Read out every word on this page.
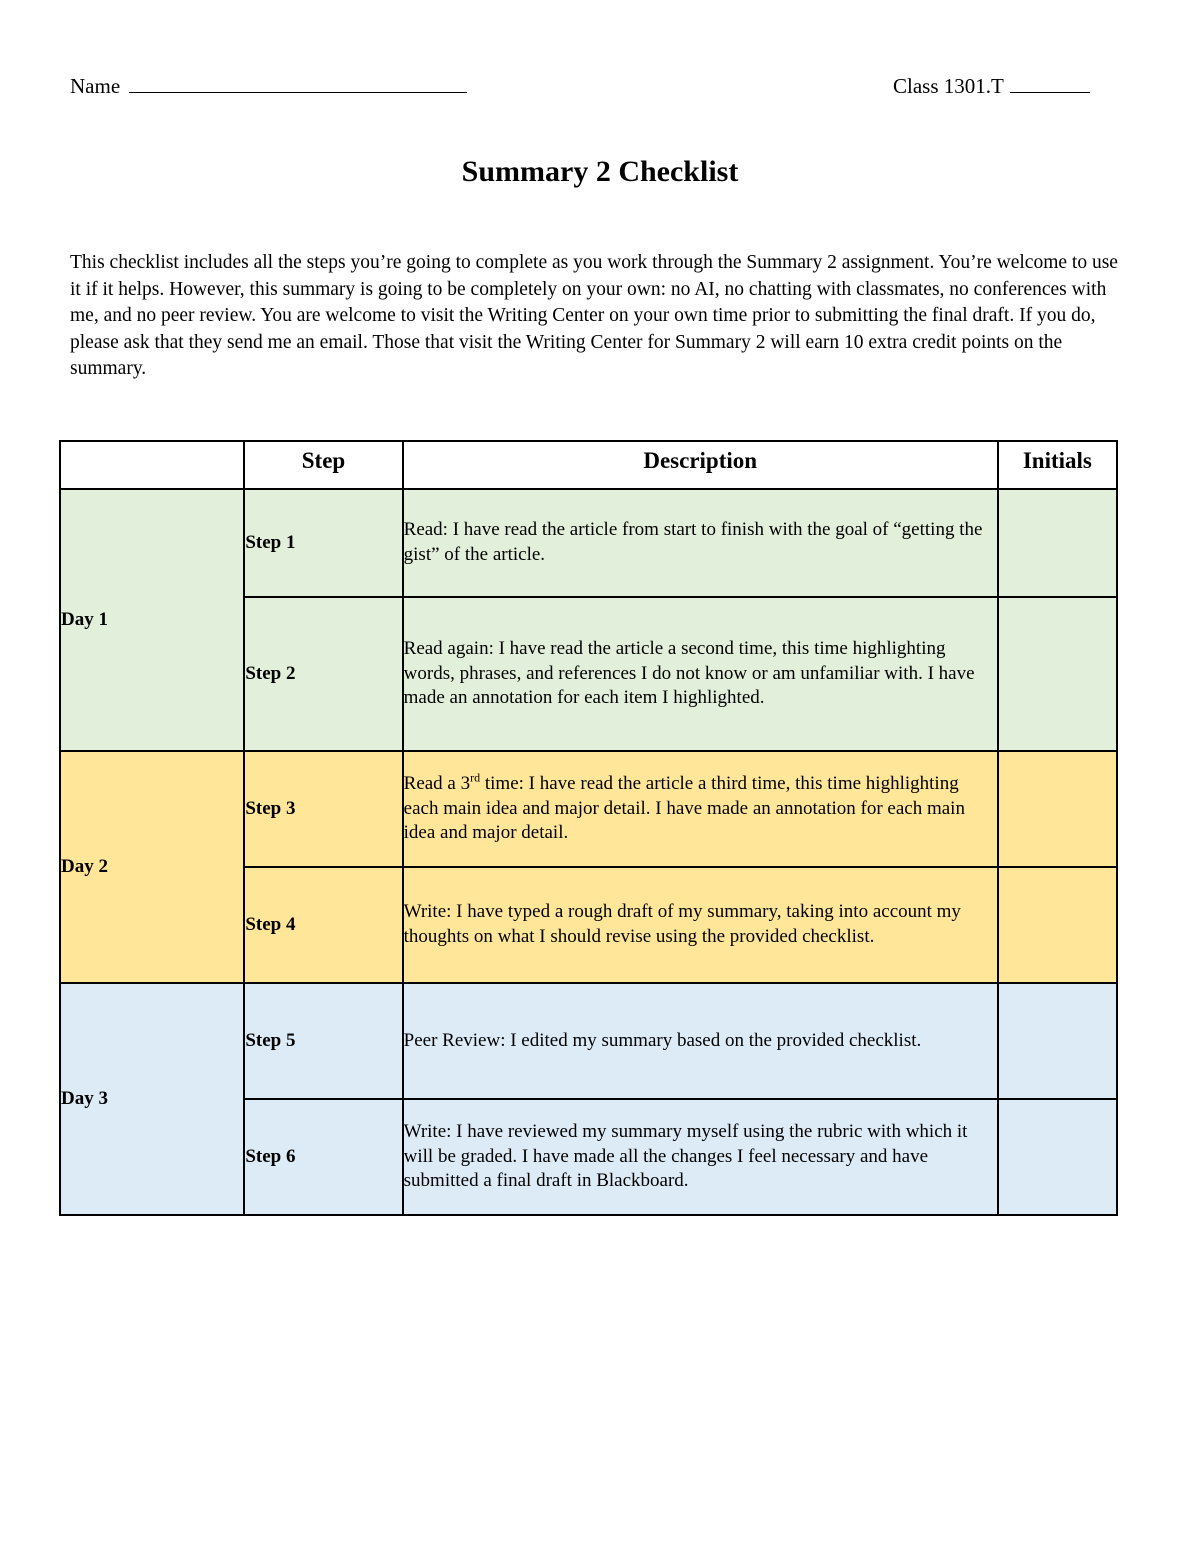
Name	Class 1301.T
Summary 2 Checklist

This checklist includes all the steps you’re going to complete as you work through the Summary 2 assignment. You’re welcome to use it if it helps. However, this summary is going to be completely on your own: no AI, no chatting with classmates, no conferences with me, and no peer review. You are welcome to visit the Writing Center on your own time prior to submitting the final draft. If you do, please ask that they send me an email. Those that visit the Writing Center for Summary 2 will earn 10 extra credit points on the summary.

	Step	Description	Initials
Day 1	Step 1	Read: I have read the article from start to finish with the goal of “getting the gist” of the article.	
	Step 2	Read again: I have read the article a second time, this time highlighting words, phrases, and references I do not know or am unfamiliar with. I have made an annotation for each item I highlighted.	
Day 2	Step 3	Read a 3rd time: I have read the article a third time, this time highlighting each main idea and major detail. I have made an annotation for each main idea and major detail.	
	Step 4	Write: I have typed a rough draft of my summary, taking into account my thoughts on what I should revise using the provided checklist.	
Day 3	Step 5	Peer Review: I edited my summary based on the provided checklist.	
	Step 6	Write: I have reviewed my summary myself using the rubric with which it will be graded. I have made all the changes I feel necessary and have submitted a final draft in Blackboard.	
